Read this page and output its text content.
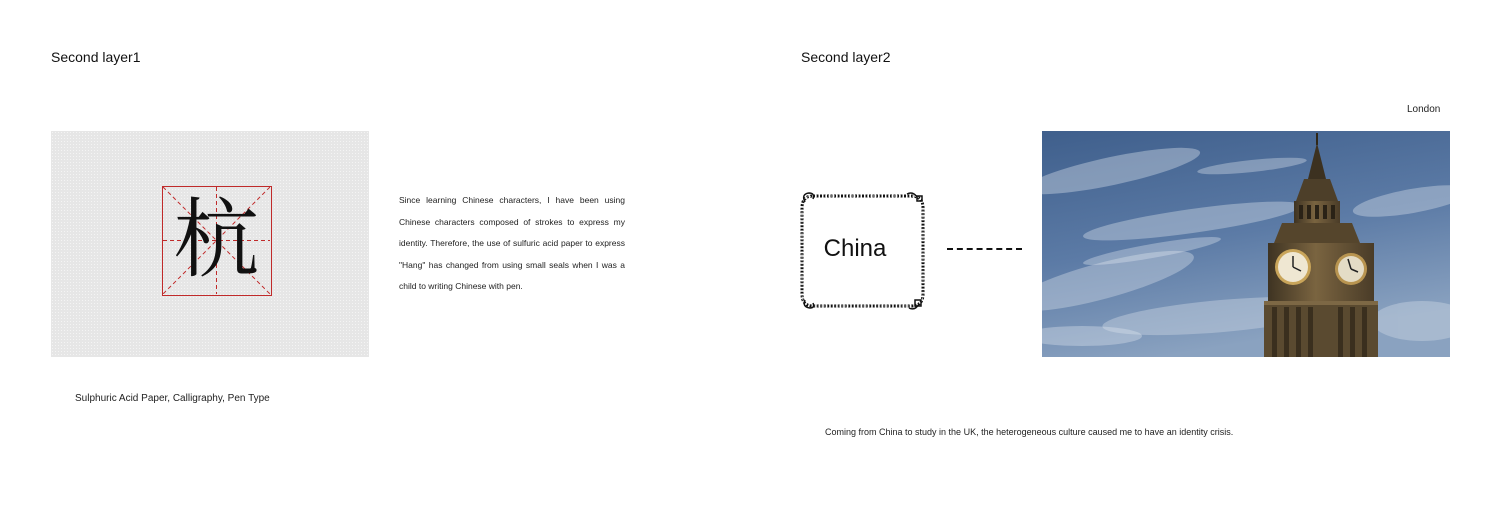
Second layer1
杭	Since learning Chinese characters, I have been using Chinese characters composed of strokes to express my identity. Therefore, the use of sulfuric acid paper to express "Hang" has changed from using small seals when I was a child to writing Chinese with pen.
Sulphuric Acid Paper, Calligraphy, Pen Type
Second layer2
London
China
Coming from China to study in the UK, the heterogeneous culture caused me to have an identity crisis.
